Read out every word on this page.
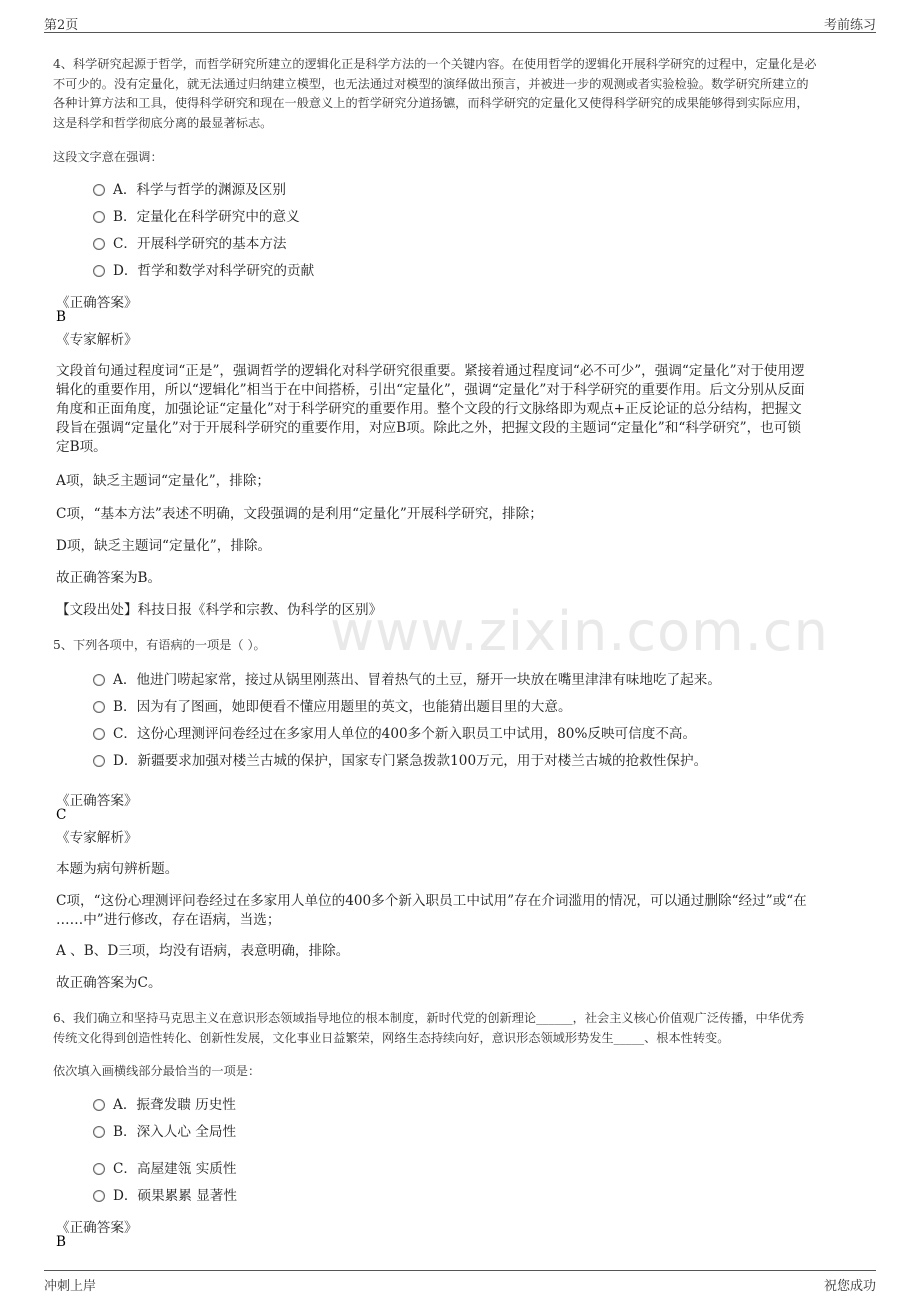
第2页	考前练习
www.zixin.com.cn
4、科学研究起源于哲学，而哲学研究所建立的逻辑化正是科学方法的一个关键内容。在使用哲学的逻辑化开展科学研究的过程中，定量化是必
不可少的。没有定量化，就无法通过归纳建立模型，也无法通过对模型的演绎做出预言，并被进一步的观测或者实验检验。数学研究所建立的
各种计算方法和工具，使得科学研究和现在一般意义上的哲学研究分道扬镳，而科学研究的定量化又使得科学研究的成果能够得到实际应用，
这是科学和哲学彻底分离的最显著标志。
这段文字意在强调：
A．科学与哲学的渊源及区别
B．定量化在科学研究中的意义
C．开展科学研究的基本方法
D．哲学和数学对科学研究的贡献
《正确答案》
B
《专家解析》
文段首句通过程度词“正是”，强调哲学的逻辑化对科学研究很重要。紧接着通过程度词“必不可少”，强调“定量化”对于使用逻
辑化的重要作用，所以“逻辑化”相当于在中间搭桥，引出“定量化”，强调“定量化”对于科学研究的重要作用。后文分别从反面
角度和正面角度，加强论证“定量化”对于科学研究的重要作用。整个文段的行文脉络即为观点+正反论证的总分结构，把握文
段旨在强调“定量化”对于开展科学研究的重要作用，对应B项。除此之外，把握文段的主题词“定量化”和“科学研究”，也可锁
定B项。
A项，缺乏主题词“定量化”，排除；
C项，“基本方法”表述不明确，文段强调的是利用“定量化”开展科学研究，排除；
D项，缺乏主题词“定量化”，排除。
故正确答案为B。
【文段出处】科技日报《科学和宗教、伪科学的区别》
5、下列各项中，有语病的一项是（ ）。
A．他进门唠起家常，接过从锅里刚蒸出、冒着热气的土豆，掰开一块放在嘴里津津有味地吃了起来。
B．因为有了图画，她即便看不懂应用题里的英文，也能猜出题目里的大意。
C．这份心理测评问卷经过在多家用人单位的400多个新入职员工中试用，80%反映可信度不高。
D．新疆要求加强对楼兰古城的保护，国家专门紧急拨款100万元，用于对楼兰古城的抢救性保护。
《正确答案》
C
《专家解析》
本题为病句辨析题。
C项，“这份心理测评问卷经过在多家用人单位的400多个新入职员工中试用”存在介词滥用的情况，可以通过删除“经过”或“在
……中”进行修改，存在语病，当选；
A 、B、D三项，均没有语病，表意明确，排除。
故正确答案为C。
6、我们确立和坚持马克思主义在意识形态领域指导地位的根本制度，新时代党的创新理论______，社会主义核心价值观广泛传播，中华优秀
传统文化得到创造性转化、创新性发展，文化事业日益繁荣，网络生态持续向好，意识形态领域形势发生_____、根本性转变。
依次填入画横线部分最恰当的一项是：
A．振聋发聩 历史性
B．深入人心 全局性
C．高屋建瓴 实质性
D．硕果累累 显著性
《正确答案》
B
冲刺上岸	祝您成功
